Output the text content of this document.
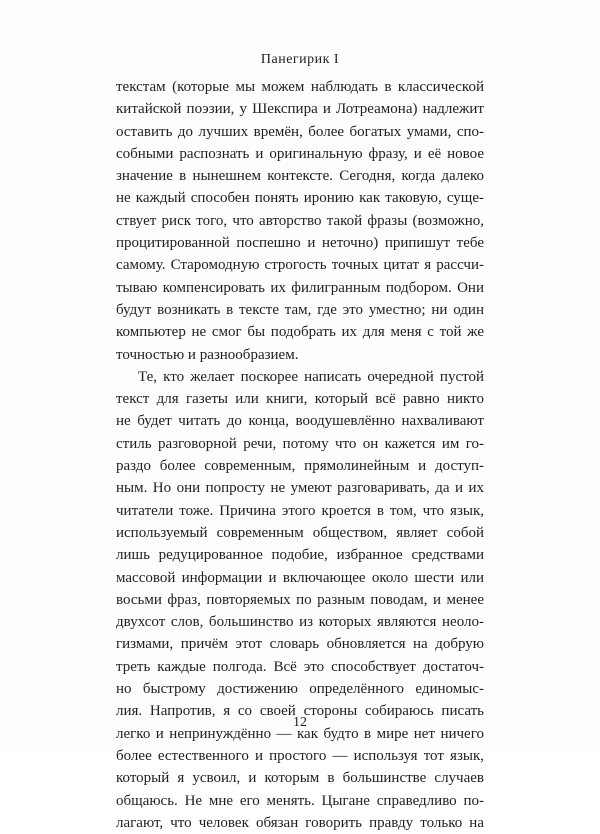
Панегирик I
текстам (которые мы можем наблюдать в классической
китайской поэзии, у Шекспира и Лотреамона) надлежит
оставить до лучших времён, более богатых умами, спо-
собными распознать и оригинальную фразу, и её новое
значение в нынешнем контексте. Сегодня, когда далеко
не каждый способен понять иронию как таковую, суще-
ствует риск того, что авторство такой фразы (возможно,
процитированной поспешно и неточно) припишут тебе
самому. Старомодную строгость точных цитат я рассчи-
тываю компенсировать их филигранным подбором. Они
будут возникать в тексте там, где это уместно; ни один
компьютер не смог бы подобрать их для меня с той же
точностью и разнообразием.
Те, кто желает поскорее написать очередной пустой
текст для газеты или книги, который всё равно никто
не будет читать до конца, воодушевлённо нахваливают
стиль разговорной речи, потому что он кажется им го-
раздо более современным, прямолинейным и доступ-
ным. Но они попросту не умеют разговаривать, да и их
читатели тоже. Причина этого кроется в том, что язык,
используемый современным обществом, являет собой
лишь редуцированное подобие, избранное средствами
массовой информации и включающее около шести или
восьми фраз, повторяемых по разным поводам, и менее
двухсот слов, большинство из которых являются неоло-
гизмами, причём этот словарь обновляется на добрую
треть каждые полгода. Всё это способствует достаточ-
но быстрому достижению определённого единомыс-
лия. Напротив, я со своей стороны собираюсь писать
легко и непринуждённо — как будто в мире нет ничего
более естественного и простого — используя тот язык,
который я усвоил, и которым в большинстве случаев
общаюсь. Не мне его менять. Цыгане справедливо по-
лагают, что человек обязан говорить правду только на
12
